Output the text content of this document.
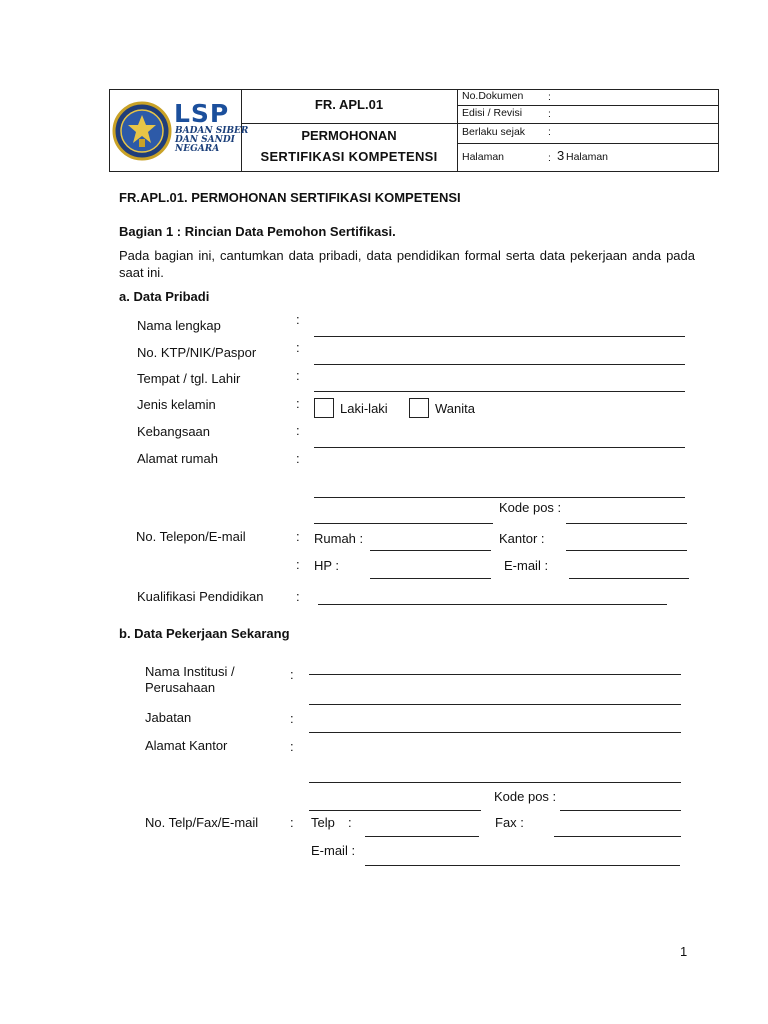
LSP
BADAN SIBER
DAN SANDI
NEGARA
FR. APL.01
PERMOHONAN
SERTIFIKASI KOMPETENSI
No.Dokumen :
Edisi / Revisi :
Berlaku sejak :
Halaman	: 3 Halaman
FR.APL.01. PERMOHONAN SERTIFIKASI KOMPETENSI
Bagian 1 : Rincian Data Pemohon Sertifikasi.
Pada bagian ini, cantumkan data pribadi, data pendidikan formal serta data pekerjaan anda pada
saat ini.
a. Data Pribadi
Nama lengkap	:
No. KTP/NIK/Paspor	:
Tempat / tgl. Lahir	:
Jenis kelamin	:	Laki-laki	Wanita
Kebangsaan	:
Alamat rumah	:
Kode pos :
No. Telepon/E-mail	: Rumah :	Kantor :
: HP :	E-mail :
Kualifikasi Pendidikan	:
b. Data Pekerjaan Sekarang
Nama Institusi /
Perusahaan
:
Jabatan	:
Alamat Kantor	:
Kode pos :
No. Telp/Fax/E-mail : Telp :	Fax :
E-mail :
1
